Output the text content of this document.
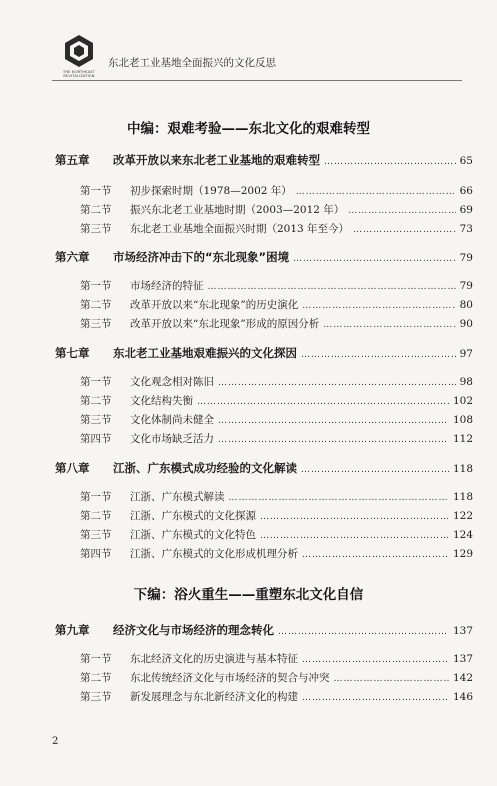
THE NORTHEAST REVITALIZATION
东北老工业基地全面振兴的文化反思
中编：艰难考验——东北文化的艰难转型
第五章	改革开放以来东北老工业基地的艰难转型 …………………………………………………………………………………………………………………………………………………………………………………	65
第一节	初步探索时期（1978—2002 年） …………………………………………………………………………………………………………………………………………………………………………………	66
第二节	振兴东北老工业基地时期（2003—2012 年） …………………………………………………………………………………………………………………………………………………………………………………	69
第三节	东北老工业基地全面振兴时期（2013 年至今） …………………………………………………………………………………………………………………………………………………………………………………	73
第六章	市场经济冲击下的“东北现象”困境 …………………………………………………………………………………………………………………………………………………………………………………	79
第一节	市场经济的特征 …………………………………………………………………………………………………………………………………………………………………………………	79
第二节	改革开放以来“东北现象”的历史演化 …………………………………………………………………………………………………………………………………………………………………………………	80
第三节	改革开放以来“东北现象”形成的原因分析 …………………………………………………………………………………………………………………………………………………………………………………	90
第七章	东北老工业基地艰难振兴的文化探因 …………………………………………………………………………………………………………………………………………………………………………………	97
第一节	文化观念相对陈旧 …………………………………………………………………………………………………………………………………………………………………………………	98
第二节	文化结构失衡 …………………………………………………………………………………………………………………………………………………………………………………	102
第三节	文化体制尚未健全 …………………………………………………………………………………………………………………………………………………………………………………	108
第四节	文化市场缺乏活力 …………………………………………………………………………………………………………………………………………………………………………………	112
第八章	江浙、广东模式成功经验的文化解读 …………………………………………………………………………………………………………………………………………………………………………………	118
第一节	江浙、广东模式解读 …………………………………………………………………………………………………………………………………………………………………………………	118
第二节	江浙、广东模式的文化探源 …………………………………………………………………………………………………………………………………………………………………………………	122
第三节	江浙、广东模式的文化特色 …………………………………………………………………………………………………………………………………………………………………………………	124
第四节	江浙、广东模式的文化形成机理分析 …………………………………………………………………………………………………………………………………………………………………………………	129
下编：浴火重生——重塑东北文化自信
第九章	经济文化与市场经济的理念转化 …………………………………………………………………………………………………………………………………………………………………………………	137
第一节	东北经济文化的历史演进与基本特征 …………………………………………………………………………………………………………………………………………………………………………………	137
第二节	东北传统经济文化与市场经济的契合与冲突 …………………………………………………………………………………………………………………………………………………………………………………	142
第三节	新发展理念与东北新经济文化的构建 …………………………………………………………………………………………………………………………………………………………………………………	146
2
